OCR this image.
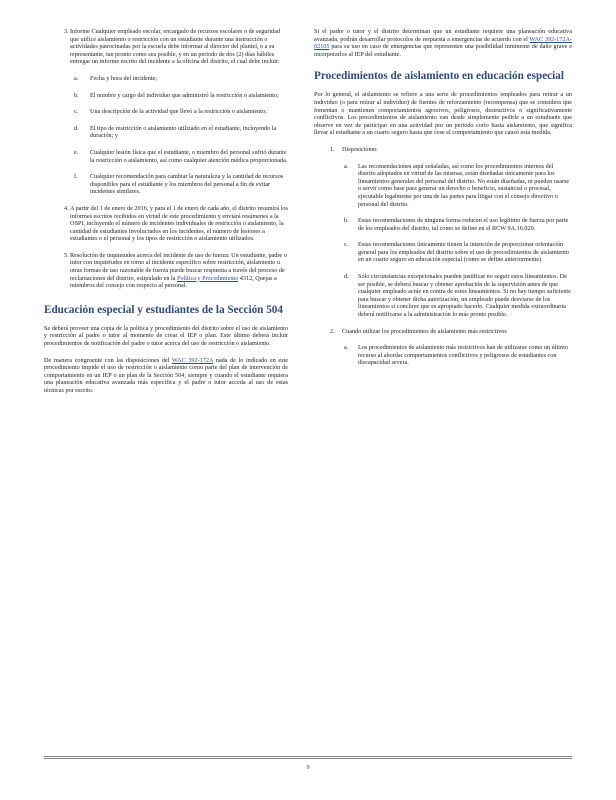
3. Informe Cualquier empleado escolar, encargado de recursos escolares o de seguridad que utilice aislamiento o restricción con un estudiante durante una instrucción o actividades patrocinadas por la escuela debe informar al director del plantel, o a su representante, tan pronto como sea posible, y en un periodo de dos (2) días hábiles entregar un informe escrito del incidente a la oficina del distrito, el cual debe incluir:
a. Fecha y hora del incidente;
b. El nombre y cargo del individuo que administró la restricción o aislamiento;
c. Una descripción de la actividad que llevó a la restricción o aislamiento;
d. El tipo de restricción o aislamiento utilizado en el estudiante, incluyendo la duración; y
e. Cualquier lesión física que el estudiante, o miembro del personal sufrió durante la restricción o aislamiento, así como cualquier atención médica proporcionada.
f. Cualquier recomendación para cambiar la naturaleza y la cantidad de recursos disponibles para el estudiante y los miembros del personal a fin de evitar incidentes similares.
4. A partir del 1 de enero de 2016, y para el 1 de enero de cada año, el distrito resumirá los informes escritos recibidos en virtud de este procedimiento y enviará resúmenes a la OSPI, incluyendo el número de incidentes individuales de restricción o aislamiento, la cantidad de estudiantes involucrados en los incidentes, el número de lesiones a estudiantes o el personal y los tipos de restricción o aislamiento utilizados.
5. Resolución de inquietudes acerca del incidente de uso de fuerza: Un estudiante, padre o tutor con inquietudes en torno al incidente específico sobre restricción, aislamiento u otras formas de uso razonable de fuerza puede buscar respuesta a través del proceso de reclamaciones del distrito, estipulado en la Política y Procedimiento 4312, Quejas a miembros del consejo con respecto al personal.
Educación especial y estudiantes de la Sección 504

Se deberá proveer una copia de la política y procedimiento del distrito sobre el uso de aislamiento y restricción al padre o tutor al momento de crear el IEP o plan. Este último deberá incluir procedimientos de notificación del padre o tutor acerca del uso de restricción o aislamiento.

De manera congruente con las disposiciones del WAC 392-172A nada de lo indicado en este procedimiento impide el uso de restricción o aislamiento como parte del plan de intervención de comportamiento en un IEP o un plan de la Sección 504, siempre y cuando el estudiante requiera una planeación educativa avanzada más específica y el padre o tutor acceda al uso de estas técnicas por escrito.

Si el padre o tutor y el distrito determinan que un estudiante requiere una planeación educativa avanzada, podrán desarrollar protocolos de respuesta a emergencias de acuerdo con el WAC 392-172A-02105 para su uso en caso de emergencias que representen una posibilidad inminente de daño grave e incorporarlos al IEP del estudiante.

Procedimientos de aislamiento en educación especial

Por lo general, el aislamiento se refiere a una serie de procedimientos empleados para retirar a un individuo (o para retirar al individuo) de fuentes de reforzamiento (recompensa) que se considera que fomentan o mantienen comportamientos agresivos, peligrosos, destructivos o significativamente conflictivos. Los procedimientos de aislamiento van desde simplemente pedirle a un estudiante que observe en vez de participar en una actividad por un periodo corto hasta aislamiento, que significa llevar al estudiante a un cuarto seguro hasta que cese el comportamiento que causó esta medida.

1. Disposiciones
a. Las recomendaciones aquí señaladas, así como los procedimientos internos del distrito adoptados en virtud de las mismas, están diseñadas únicamente para los lineamientos generales del personal del distrito. No están diseñadas, ni pueden usarse o servir como base para generar un derecho o beneficio, sustancial o procesal, ejecutable legalmente por una de las partes para litigar con el consejo directivo o personal del distrito.
b. Estas recomendaciones de ninguna forma reducen el uso legítimo de fuerza por parte de los empleados del distrito, tal como se define en el RCW 9A.16.020.
c. Estas recomendaciones únicamente tienen la intención de proporcionar orientación general para los empleados del distrito sobre el uso de procedimientos de aislamiento en un cuarto seguro en educación especial (como se define anteriormente).
d. Sólo circunstancias excepcionales pueden justificar no seguir estos lineamientos. De ser posible, se deberá buscar y obtener aprobación de la supervisión antes de que cualquier empleado actúe en contra de estos lineamientos. Si no hay tiempo suficiente para buscar y obtener dicha autorización, un empleado puede desviarse de los lineamientos si concluye que es apropiado hacerlo. Cualquier medida extraordinaria deberá notificarse a la administración lo más pronto posible.
2. Cuando utilizar los procedimientos de aislamiento más restrictivos
a. Los procedimientos de aislamiento más restrictivos han de utilizarse como un último recurso al abordar comportamientos conflictivos y peligrosos de estudiantes con discapacidad severa.
9
